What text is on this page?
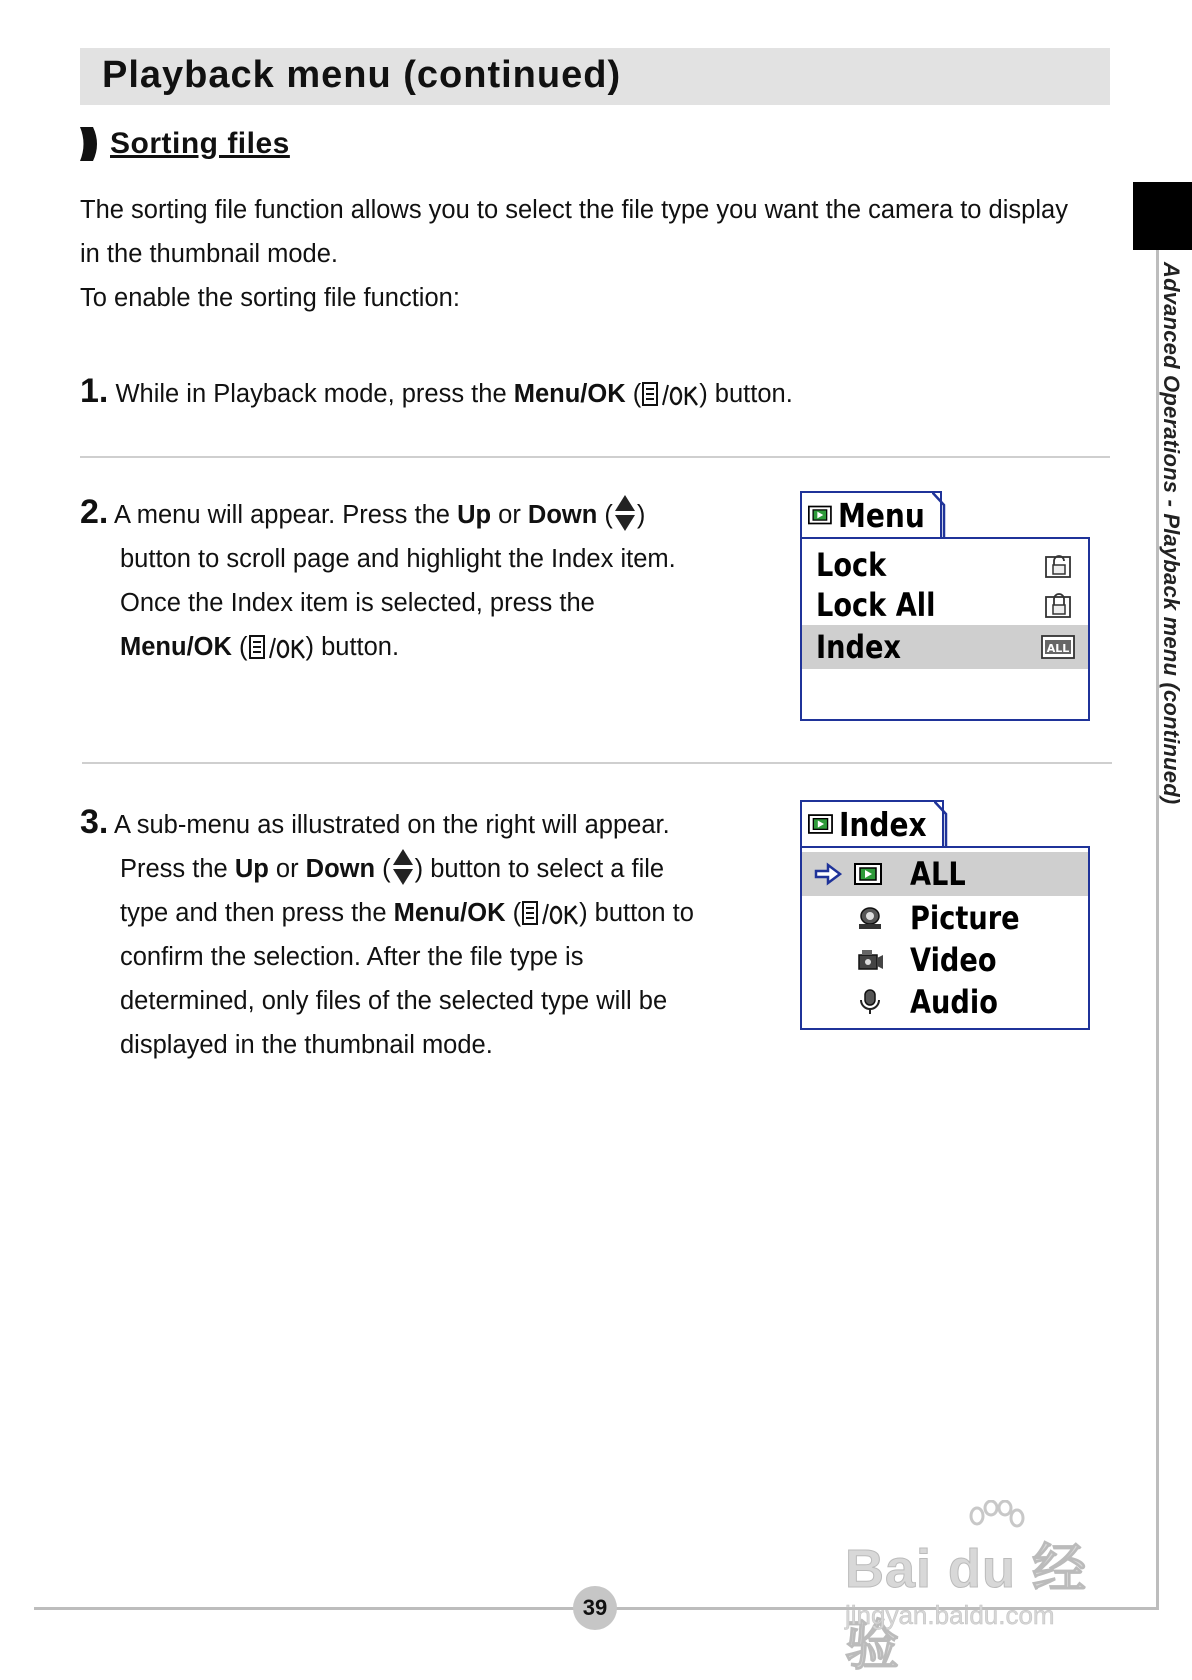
Playback menu (continued)
Sorting files

The sorting file function allows you to select the file type you want the camera to display in the thumbnail mode.

To enable the sorting file function:

1. While in Playback mode, press the Menu/OK ( ) button.
2. A menu will appear. Press the Up or Down ( )
button to scroll page and highlight the Index item.
Once the Index item is selected, press the
Menu/OK ( ) button.
Menu
Lock
Lock All
Index	ALL
3. A sub-menu as illustrated on the right will appear.
Press the Up or Down ( ) button to select a file
type and then press the Menu/OK ( ) button to
confirm the selection. After the file type is
determined, only files of the selected type will be
displayed in the thumbnail mode.
Index
ALL
Picture
Video
Audio
Advanced Operations - Playback menu (continued)
39
Bai du 经验
jingyan.baidu.com
